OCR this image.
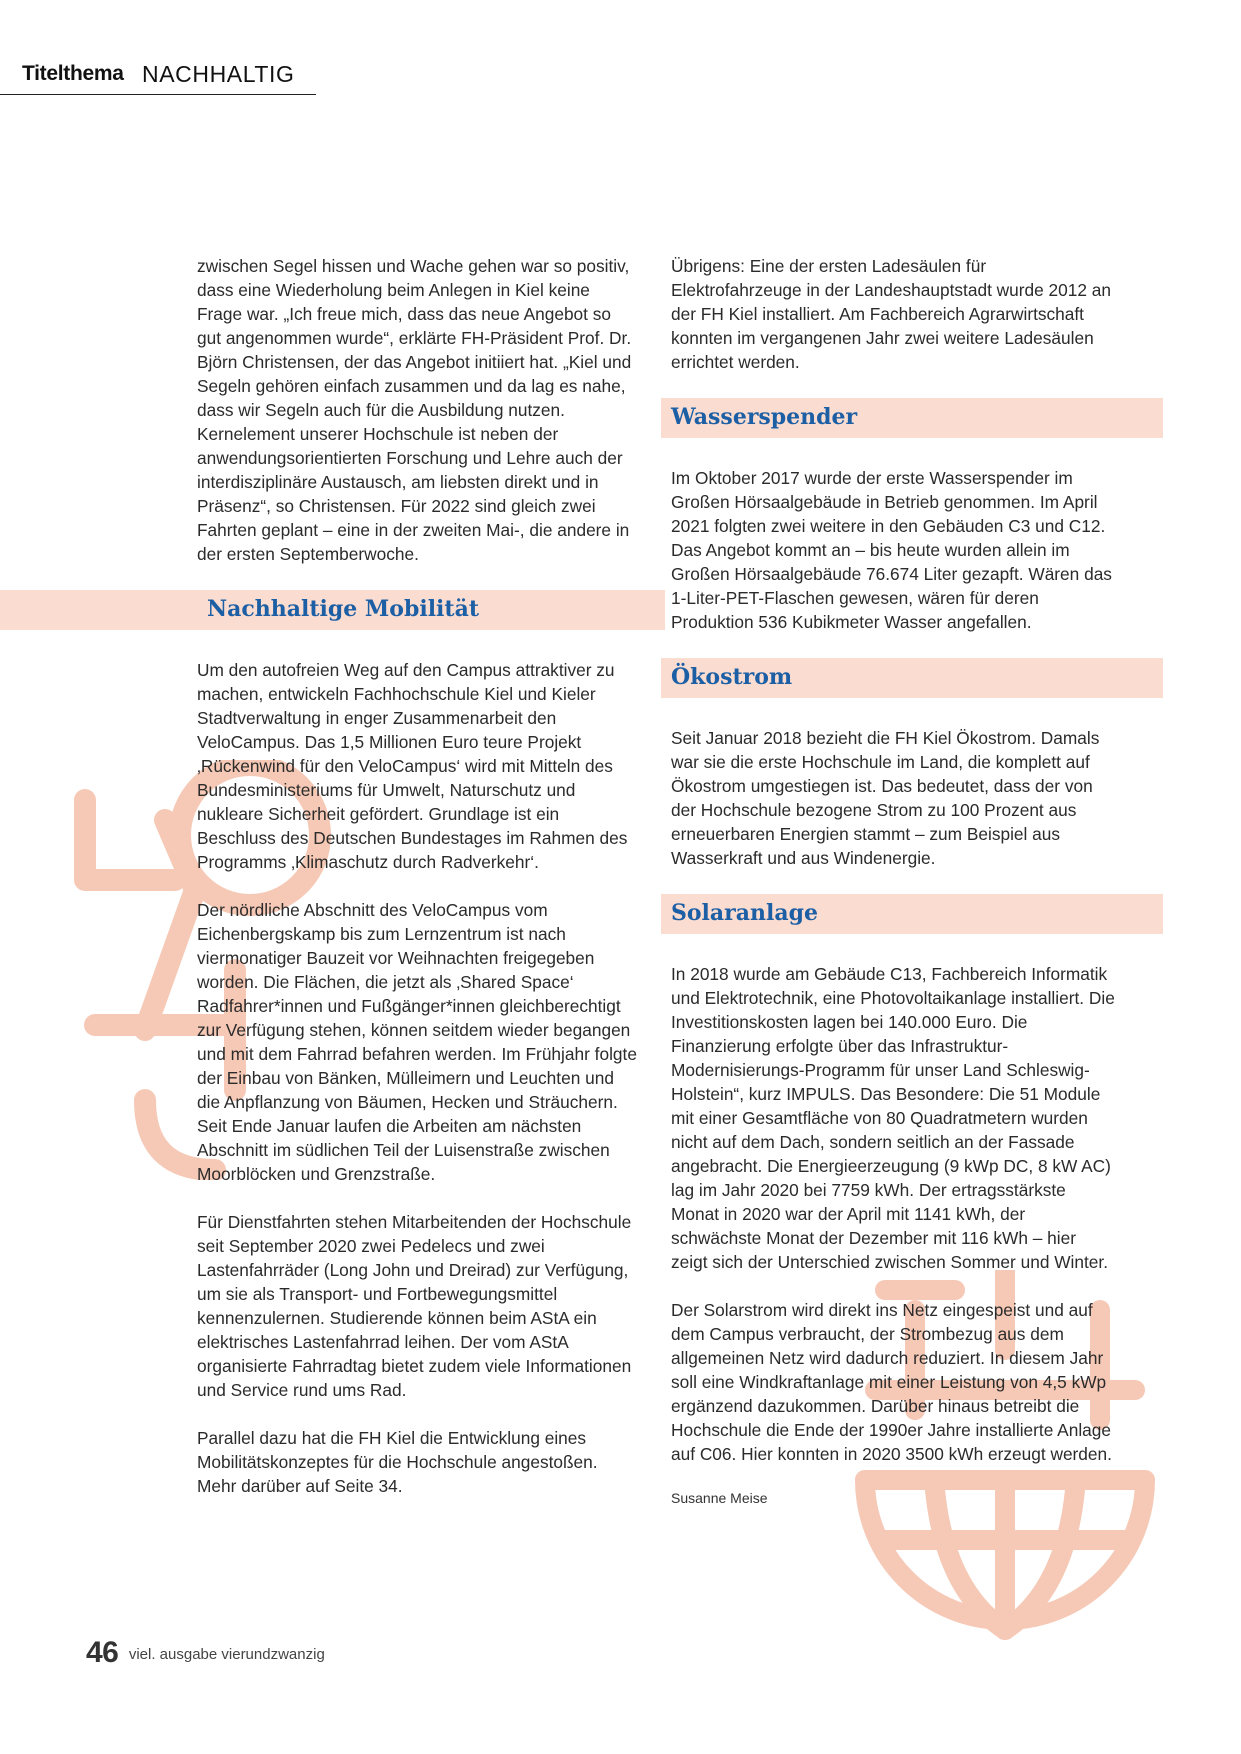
Titelthema NACHHALTIG

zwischen Segel hissen und Wache gehen war so positiv, dass eine Wiederholung beim Anlegen in Kiel keine Frage war. „Ich freue mich, dass das neue Angebot so gut angenommen wurde“, erklärte FH-Präsident Prof. Dr. Björn Christensen, der das Angebot initiiert hat. „Kiel und Segeln gehören einfach zusammen und da lag es nahe, dass wir Segeln auch für die Ausbildung nutzen. Kernelement unserer Hochschule ist neben der anwendungsorientierten Forschung und Lehre auch der interdisziplinäre Austausch, am liebsten direkt und in Präsenz“, so Christensen. Für 2022 sind gleich zwei Fahrten geplant – eine in der zweiten Mai-, die andere in der ersten Septemberwoche.

Nachhaltige Mobilität

Um den autofreien Weg auf den Campus attraktiver zu machen, entwickeln Fachhochschule Kiel und Kieler Stadtverwaltung in enger Zusammenarbeit den VeloCampus. Das 1,5 Millionen Euro teure Projekt ‚Rückenwind für den VeloCampus‘ wird mit Mitteln des Bundesministeriums für Umwelt, Naturschutz und nukleare Sicherheit gefördert. Grundlage ist ein Beschluss des Deutschen Bundestages im Rahmen des Programms ‚Klimaschutz durch Radverkehr‘.

Der nördliche Abschnitt des VeloCampus vom Eichenbergskamp bis zum Lernzentrum ist nach viermonatiger Bauzeit vor Weihnachten freigegeben worden. Die Flächen, die jetzt als ‚Shared Space‘ Radfahrer*innen und Fußgänger*innen gleichberechtigt zur Verfügung stehen, können seitdem wieder begangen und mit dem Fahrrad befahren werden. Im Frühjahr folgte der Einbau von Bänken, Mülleimern und Leuchten und die Anpflanzung von Bäumen, Hecken und Sträuchern. Seit Ende Januar laufen die Arbeiten am nächsten Abschnitt im südlichen Teil der Luisenstraße zwischen Moorblöcken und Grenzstraße.

Für Dienstfahrten stehen Mitarbeitenden der Hochschule seit September 2020 zwei Pedelecs und zwei Lastenfahrräder (Long John und Dreirad) zur Verfügung, um sie als Transport- und Fortbewegungsmittel kennenzulernen. Studierende können beim AStA ein elektrisches Lastenfahrrad leihen. Der vom AStA organisierte Fahrradtag bietet zudem viele Informationen und Service rund ums Rad.

Parallel dazu hat die FH Kiel die Entwicklung eines Mobilitätskonzeptes für die Hochschule angestoßen. Mehr darüber auf Seite 34.

Übrigens: Eine der ersten Ladesäulen für Elektrofahrzeuge in der Landeshauptstadt wurde 2012 an der FH Kiel installiert. Am Fachbereich Agrarwirtschaft konnten im vergangenen Jahr zwei weitere Ladesäulen errichtet werden.

Wasserspender

Im Oktober 2017 wurde der erste Wasserspender im Großen Hörsaalgebäude in Betrieb genommen. Im April 2021 folgten zwei weitere in den Gebäuden C3 und C12. Das Angebot kommt an – bis heute wurden allein im Großen Hörsaalgebäude 76.674 Liter gezapft. Wären das 1-Liter-PET-Flaschen gewesen, wären für deren Produktion 536 Kubikmeter Wasser angefallen.

Ökostrom

Seit Januar 2018 bezieht die FH Kiel Ökostrom. Damals war sie die erste Hochschule im Land, die komplett auf Ökostrom umgestiegen ist. Das bedeutet, dass der von der Hochschule bezogene Strom zu 100 Prozent aus erneuerbaren Energien stammt – zum Beispiel aus Wasserkraft und aus Windenergie.

Solaranlage

In 2018 wurde am Gebäude C13, Fachbereich Informatik und Elektrotechnik, eine Photovoltaikanlage installiert. Die Investitionskosten lagen bei 140.000 Euro. Die Finanzierung erfolgte über das Infrastruktur-Modernisierungs-Programm für unser Land Schleswig-Holstein“, kurz IMPULS. Das Besondere: Die 51 Module mit einer Gesamtfläche von 80 Quadratmetern wurden nicht auf dem Dach, sondern seitlich an der Fassade angebracht. Die Energieerzeugung (9 kWp DC, 8 kW AC) lag im Jahr 2020 bei 7759 kWh. Der ertragsstärkste Monat in 2020 war der April mit 1141 kWh, der schwächste Monat der Dezember mit 116 kWh – hier zeigt sich der Unterschied zwischen Sommer und Winter.

Der Solarstrom wird direkt ins Netz eingespeist und auf dem Campus verbraucht, der Strombezug aus dem allgemeinen Netz wird dadurch reduziert. In diesem Jahr soll eine Windkraftanlage mit einer Leistung von 4,5 kWp ergänzend dazukommen. Darüber hinaus betreibt die Hochschule die Ende der 1990er Jahre installierte Anlage auf C06. Hier konnten in 2020 3500 kWh erzeugt werden.

Susanne Meise
46 viel. ausgabe vierundzwanzig
